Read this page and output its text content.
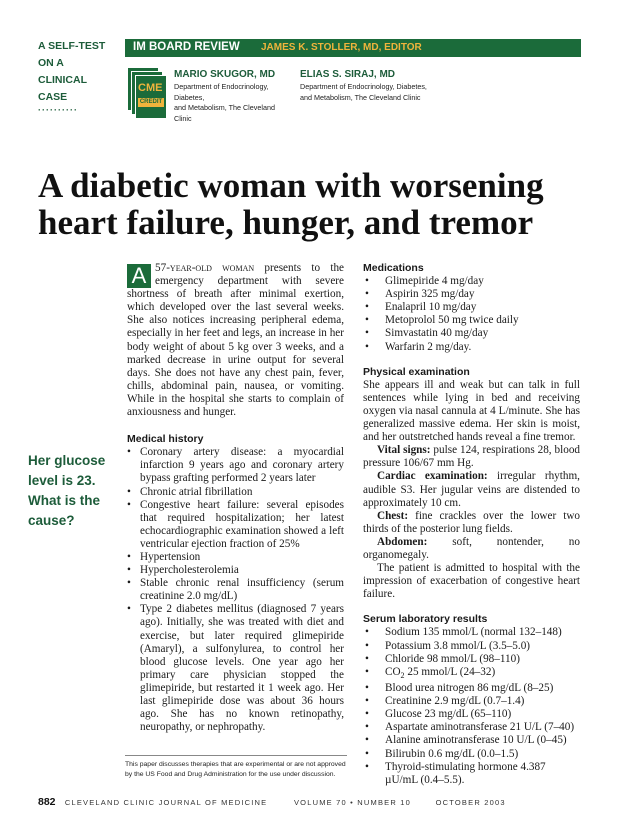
A SELF-TEST
ON A
CLINICAL
CASE
··········
IM BOARD REVIEW JAMES K. STOLLER, MD, EDITOR
CME
CREDIT
MARIO SKUGOR, MD
Department of Endocrinology, Diabetes,
and Metabolism, The Cleveland Clinic
ELIAS S. SIRAJ, MD
Department of Endocrinology, Diabetes,
and Metabolism, The Cleveland Clinic
A diabetic woman with worsening
heart failure, hunger, and tremor
Her glucose
level is 23.
What is the
cause?

A 57-year-old woman presents to the emergency department with severe shortness of breath after minimal exertion, which developed over the last several weeks. She also notices increasing peripheral edema, especially in her feet and legs, an increase in her body weight of about 5 kg over 3 weeks, and a marked decrease in urine output for several days. She does not have any chest pain, fever, chills, abdominal pain, nausea, or vomiting. While in the hospital she starts to complain of anxiousness and hunger.

Medical history

• Coronary artery disease: a myocardial infarction 9 years ago and coronary artery bypass grafting performed 2 years later
• Chronic atrial fibrillation
• Congestive heart failure: several episodes that required hospitalization; her latest echocardiographic examination showed a left ventricular ejection fraction of 25%
• Hypertension
• Hypercholesterolemia
• Stable chronic renal insufficiency (serum creatinine 2.0 mg/dL)
• Type 2 diabetes mellitus (diagnosed 7 years ago). Initially, she was treated with diet and exercise, but later required glimepiride (Amaryl), a sulfonylurea, to control her blood glucose levels. One year ago her primary care physician stopped the glimepiride, but restarted it 1 week ago. Her last glimepiride dose was about 36 hours ago. She has no known retinopathy, neuropathy, or nephropathy.
This paper discusses therapies that are experimental or are not approved by the US Food and Drug Administration for the use under discussion.

Medications

• Glimepiride 4 mg/day
• Aspirin 325 mg/day
• Enalapril 10 mg/day
• Metoprolol 50 mg twice daily
• Simvastatin 40 mg/day
• Warfarin 2 mg/day.

Physical examination

She appears ill and weak but can talk in full sentences while lying in bed and receiving oxygen via nasal cannula at 4 L/minute. She has generalized massive edema. Her skin is moist, and her outstretched hands reveal a fine tremor.

Vital signs: pulse 124, respirations 28, blood pressure 106/67 mm Hg.

Cardiac examination: irregular rhythm, audible S3. Her jugular veins are distended to approximately 10 cm.

Chest: fine crackles over the lower two thirds of the posterior lung fields.

Abdomen: soft, nontender, no organomegaly.

The patient is admitted to hospital with the impression of exacerbation of congestive heart failure.

Serum laboratory results

• Sodium 135 mmol/L (normal 132–148)
• Potassium 3.8 mmol/L (3.5–5.0)
• Chloride 98 mmol/L (98–110)
• $CO_2$ 25 mmol/L (24–32)
• Blood urea nitrogen 86 mg/dL (8–25)
• Creatinine 2.9 mg/dL (0.7–1.4)
• Glucose 23 mg/dL (65–110)
• Aspartate aminotransferase 21 U/L (7–40)
• Alanine aminotransferase 10 U/L (0–45)
• Bilirubin 0.6 mg/dL (0.0–1.5)
• Thyroid-stimulating hormone 4.387 µU/mL (0.4–5.5).
882 CLEVELAND CLINIC JOURNAL OF MEDICINE	VOLUME 70 • NUMBER 10	OCTOBER 2003
